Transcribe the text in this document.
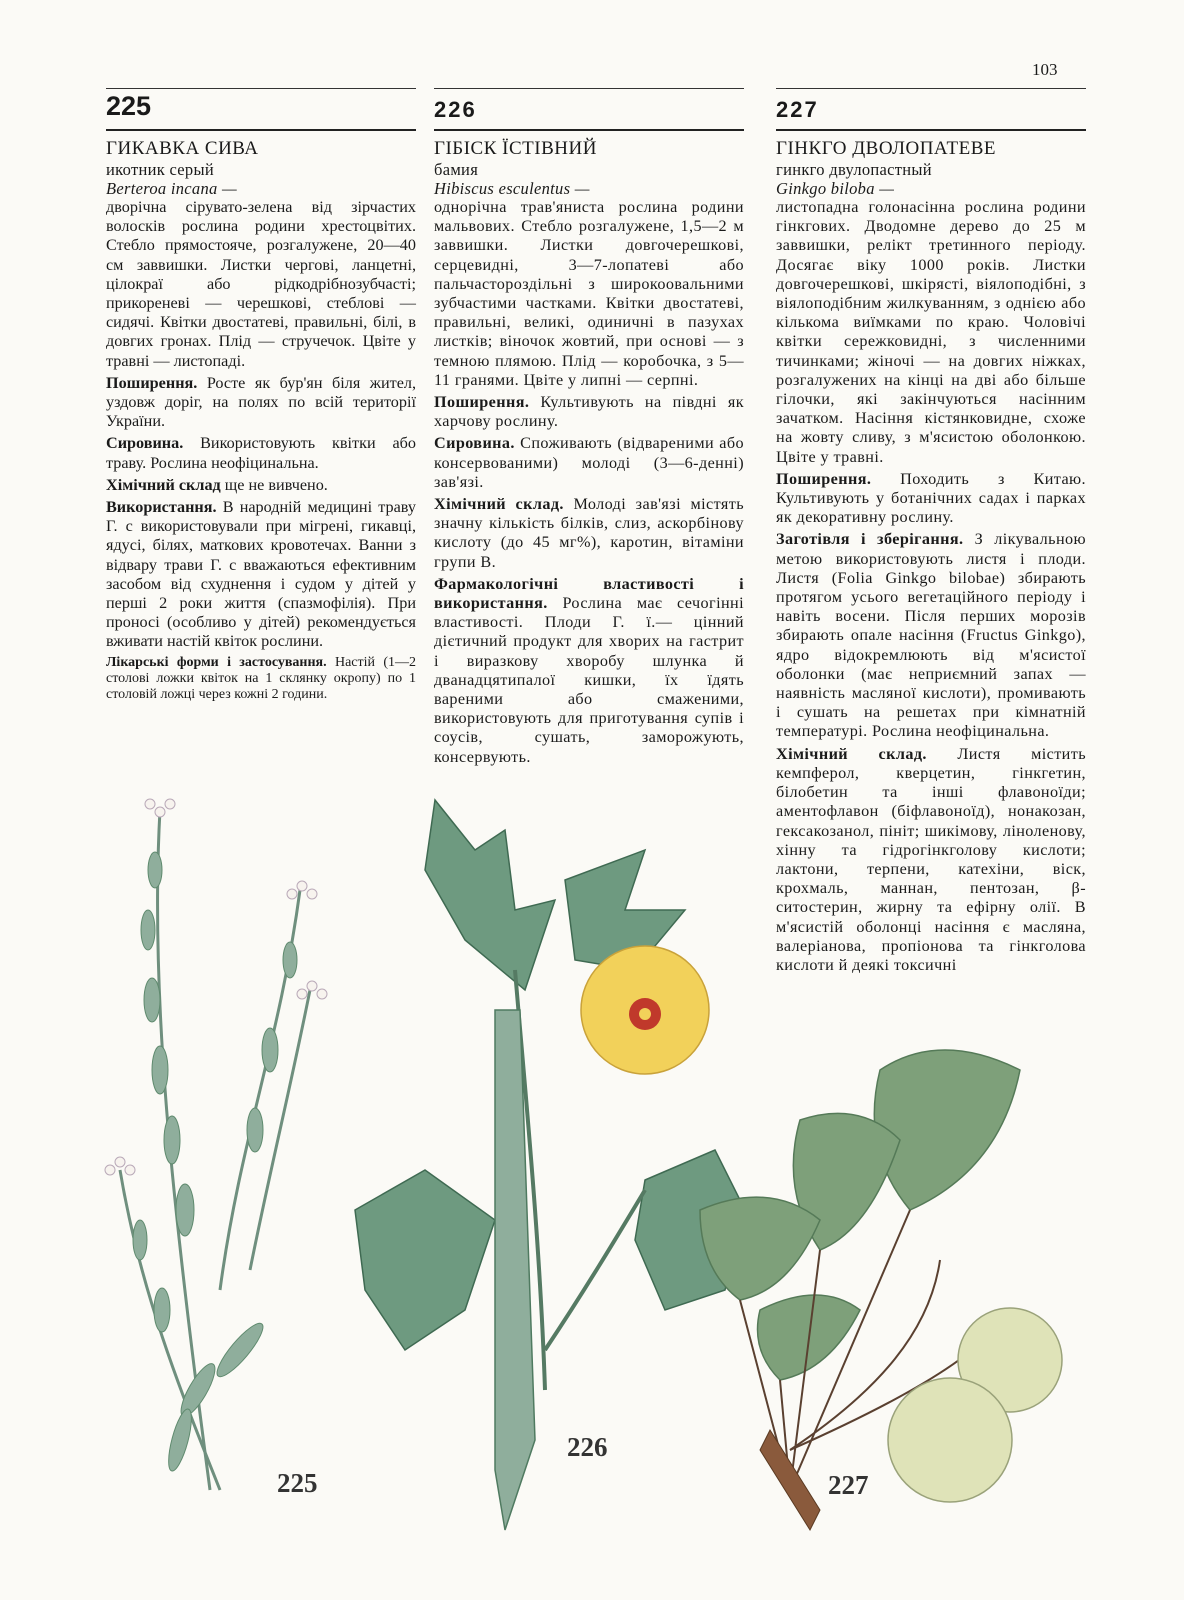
103
225
ГИКАВКА СИВА
икотник серый
Berteroa incana —

дворічна сірувато-зелена від зірчастих волосків рослина родини хрестоцвітих. Стебло прямостояче, розгалужене, 20—40 см заввишки. Листки чергові, ланцетні, цілокраї або рідкодрібнозубчасті; прикореневі — черешкові, стеблові — сидячі. Квітки двостатеві, правильні, білі, в довгих гронах. Плід — стручечок. Цвіте у травні — листопаді.

Поширення. Росте як бур'ян біля жител, уздовж доріг, на полях по всій території України.

Сировина. Використовують квітки або траву. Рослина неофіцинальна.

Хімічний склад ще не вивчено.

Використання. В народній медицині траву Г. с використовували при мігрені, гикавці, ядусі, білях, маткових кровотечах. Ванни з відвару трави Г. с вважаються ефективним засобом від схуднення і судом у дітей у перші 2 роки життя (спазмофілія). При проносі (особливо у дітей) рекомендується вживати настій квіток рослини.

Лікарські форми і застосування. Настій (1—2 столові ложки квіток на 1 склянку окропу) по 1 столовій ложці через кожні 2 години.
226
ГІБІСК ЇСТІВНИЙ
бамия
Hibiscus esculentus —

однорічна трав'яниста рослина родини мальвових. Стебло розгалужене, 1,5—2 м заввишки. Листки довгочерешкові, серцевидні, 3—7-лопатеві або пальчастороздільні з широкоовальними зубчастими частками. Квітки двостатеві, правильні, великі, одиничні в пазухах листків; віночок жовтий, при основі — з темною плямою. Плід — коробочка, з 5—11 гранями. Цвіте у липні — серпні.

Поширення. Культивують на півдні як харчову рослину.

Сировина. Споживають (відвареними або консервованими) молоді (3—6-денні) зав'язі.

Хімічний склад. Молоді зав'язі містять значну кількість білків, слиз, аскорбінову кислоту (до 45 мг%), каротин, вітаміни групи В.

Фармакологічні властивості і використання. Рослина має сечогінні властивості. Плоди Г. ї.— цінний дієтичний продукт для хворих на гастрит і виразкову хворобу шлунка й дванадцятипалої кишки, їх їдять вареними або смаженими, використовують для приготування супів і соусів, сушать, заморожують, консервують.

227
ГІНКГО ДВОЛОПАТЕВЕ
гинкго двулопастный
Ginkgo biloba —

листопадна голонасінна рослина родини гінкгових. Дводомне дерево до 25 м заввишки, релікт третинного періоду. Досягає віку 1000 років. Листки довгочерешкові, шкірясті, віялоподібні, з віялоподібним жилкуванням, з однією або кількома виїмками по краю. Чоловічі квітки сережковидні, з численними тичинками; жіночі — на довгих ніжках, розгалужених на кінці на дві або більше гілочки, які закінчуються насінним зачатком. Насіння кістянковидне, схоже на жовту сливу, з м'ясистою оболонкою. Цвіте у травні.

Поширення. Походить з Китаю. Культивують у ботанічних садах і парках як декоративну рослину.

Заготівля і зберігання. З лікувальною метою використовують листя і плоди. Листя (Folia Ginkgo bilobae) збирають протягом усього вегетаційного періоду і навіть восени. Після перших морозів збирають опале насіння (Fructus Ginkgo), ядро відокремлюють від м'ясистої оболонки (має неприємний запах — наявність масляної кислоти), промивають і сушать на решетах при кімнатній температурі. Рослина неофіцинальна.

Хімічний склад. Листя містить кемпферол, кверцетин, гінкгетин, білобетин та інші флавоноїди; аментофлавон (біфлавоноїд), нонакозан, гексакозанол, пініт; шикімову, ліноленову, хінну та гідрогінкголову кислоти; лактони, терпени, катехіни, віск, крохмаль, маннан, пентозан, β-ситостерин, жирну та ефірну олії. В м'ясистій оболонці насіння є масляна, валеріанова, пропіонова та гінкголова кислоти й деякі токсичні

225
226
227
